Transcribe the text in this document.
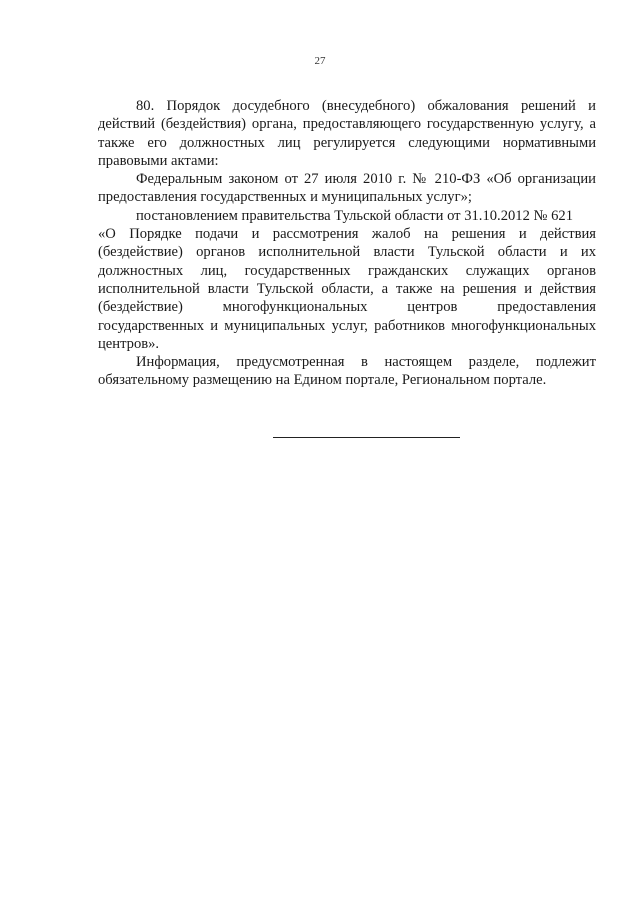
27

80. Порядок досудебного (внесудебного) обжалования решений и действий (бездействия) органа, предоставляющего государственную услугу, а также его должностных лиц регулируется следующими нормативными правовыми актами:

Федеральным законом от 27 июля 2010 г. № 210-ФЗ «Об организации предоставления государственных и муниципальных услуг»;

постановлением правительства Тульской области от 31.10.2012 № 621

«О Порядке подачи и рассмотрения жалоб на решения и действия (бездействие) органов исполнительной власти Тульской области и их должностных лиц, государственных гражданских служащих органов исполнительной власти Тульской области, а также на решения и действия (бездействие) многофункциональных центров предоставления государственных и муниципальных услуг, работников многофункциональных центров».

Информация, предусмотренная в настоящем разделе, подлежит обязательному размещению на Едином портале, Региональном портале.
